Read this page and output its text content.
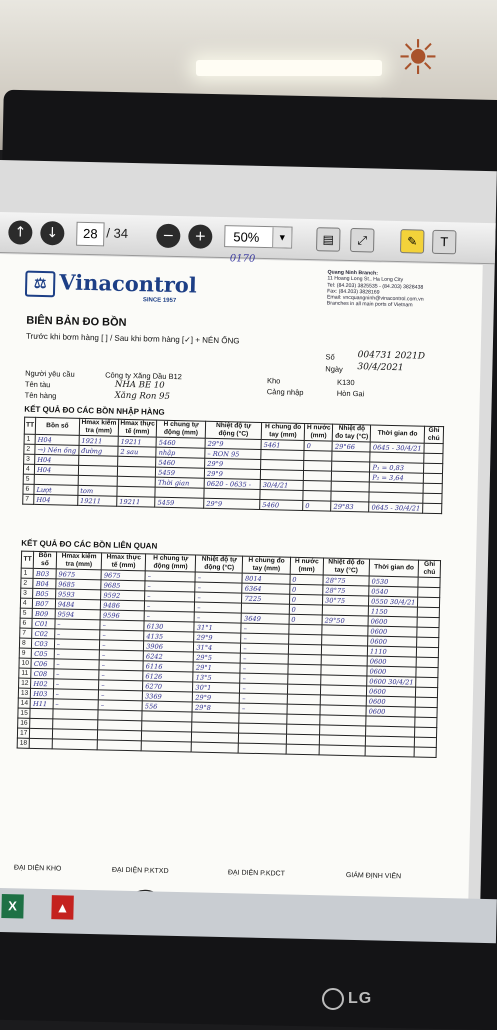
☀
↑	↓	28 / 34	−	+	50%	▼	▤	⤢	✎	T
⚖ Vinacontrol
SINCE 1957
0170
Quang Ninh Branch:
11 Hoang Long St., Ha Long City
Tel: (84.203) 3825535 - (84.203) 3828438
Fax: (84.203) 3828169
Email: vncquangninh@vinacontrol.com.vn
Branches in all main ports of Vietnam
BIÊN BẢN ĐO BỒN
Trước khi bơm hàng [ ] / Sau khi bơm hàng [✓] + NÉN ỐNG
Số	004731 2021D
Ngày 30/4/2021
Người yêu cầu	Công ty Xăng Dầu B12
Tên tàu	NHA BE 10
Tên hàng	Xăng Ron 95
Kho	K130
Cảng nhập	Hòn Gai
KẾT QUẢ ĐO CÁC BỒN NHẬP HÀNG
TT	Bồn số	Hmax kiểm tra (mm)	Hmax thực tế (mm)	H chung tự động (mm)	Nhiệt độ tự động (°C)	H chung đo tay (mm)	H nước (mm)	Nhiệt độ đo tay (°C)	Thời gian đo	Ghi chú
1	H04	19211	19211	5460	29°9	5461	0	29°66	0645 - 30/4/21	
2	→) Nén ống	đường	2 sau	nhập	– RON 95					
3	H04			5460	29°9				P₁ = 0,83	
4	H04			5459	29°9				P₂ = 3,64	
5				Thời gian	0620 - 0635 -	30/4/21				
6	Lượt	tom								
7	H04	19211	19211	5459	29°9	5460	0	29°83	0645 - 30/4/21	
KẾT QUẢ ĐO CÁC BỒN LIÊN QUAN
TT	Bồn số	Hmax kiểm tra (mm)	Hmax thực tế (mm)	H chung tự động (mm)	Nhiệt độ tự động (°C)	H chung đo tay (mm)	H nước (mm)	Nhiệt độ đo tay (°C)	Thời gian đo	Ghi chú
1	B03	9675	9675	–	–	8014	0	28°75	0530	
2	B04	9685	9685	–	–	6364	0	28°75	0540	
3	B05	9593	9592	–	–	7225	0	30°75	0550 30/4/21	
4	B07	9484	9486	–	–		0		1150	
5	B09	9594	9596	–	–	3649	0	29°50	0600	
6	C01	–	–	6130	31°1	–			0600	
7	C02	–	–	4135	29°9	–			0600	
8	C03	–	–	3906	31°4	–			1110	
9	C05	–	–	6242	29°5	–			0600	
10	C06	–	–	6116	29°1	–			0600	
11	C08	–	–	6126	13°5	–			0600 30/4/21	
12	H02	–	–	6270	30°1	–			0600	
13	H03	–	–	3369	29°9	–			0600	
14	H11	–	–	556	29°8	–			0600	
15										
16										
17										
18										
ĐẠI DIỆN KHO	ĐẠI DIỆN P.KTXD	ĐẠI DIỆN P.KDCT	GIÁM ĐỊNH VIÊN
X	▲
LG
